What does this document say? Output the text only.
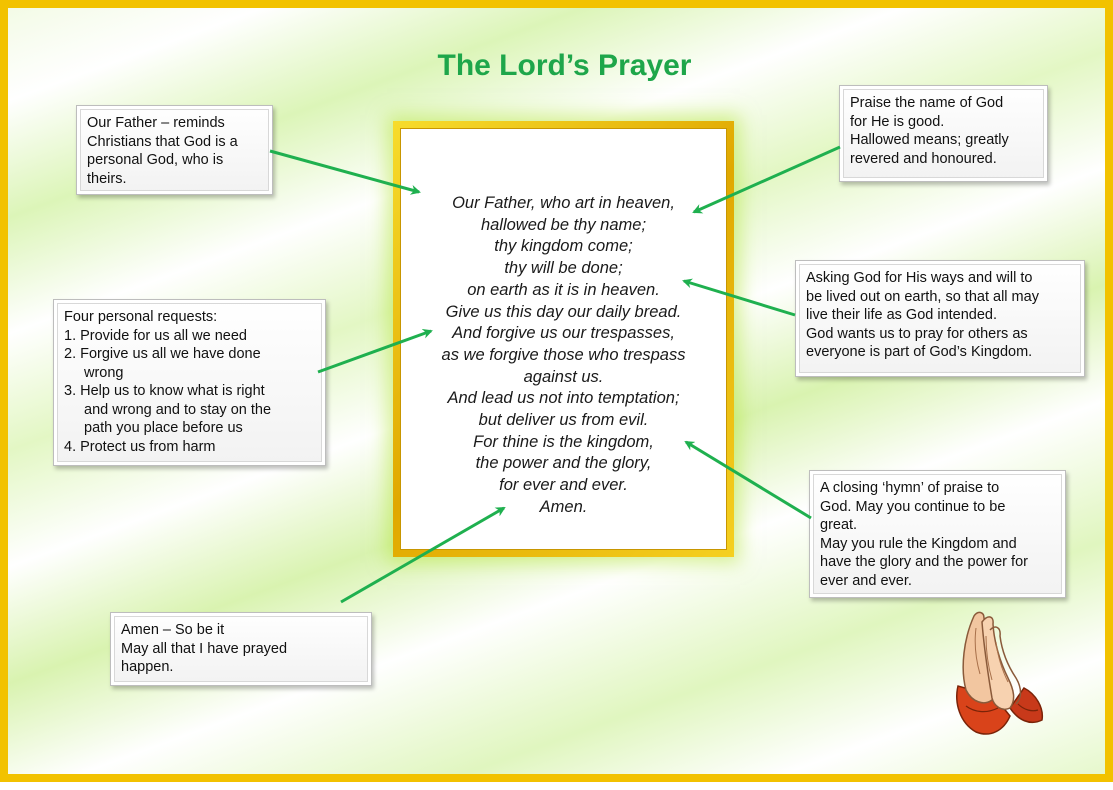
The Lord’s Prayer
Our Father, who art in heaven,
hallowed be thy name;
thy kingdom come;
thy will be done;
on earth as it is in heaven.
Give us this day our daily bread.
And forgive us our trespasses,
as we forgive those who trespass
against us.
And lead us not into temptation;
but deliver us from evil.
For thine is the kingdom,
the power and the glory,
for ever and ever.
Amen.
Our Father – reminds
Christians that God is a
personal God, who is
theirs.
Four personal requests:
1. Provide for us all we need
2. Forgive us all we have done
wrong
3. Help us to know what is right
and wrong and to stay on the
path you place before us
4. Protect us from harm
Amen – So be it
May all that I have prayed
happen.
Praise the name of God
for He is good.
Hallowed means; greatly
revered and honoured.
Asking God for His ways and will to
be lived out on earth, so that all may
live their life as God intended.
God wants us to pray for others as
everyone is part of God’s Kingdom.
A closing ‘hymn’ of praise to
God. May you continue to be
great.
May you rule the Kingdom and
have the glory and the power for
ever and ever.
